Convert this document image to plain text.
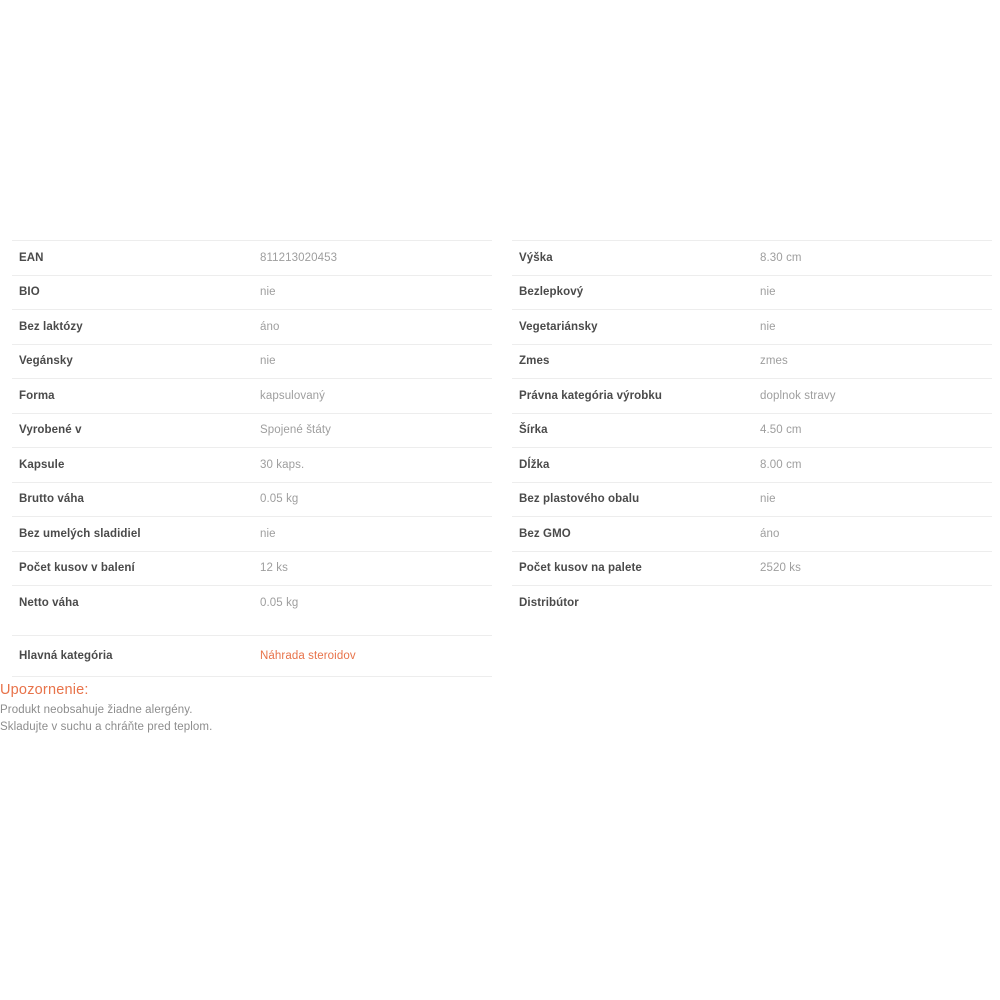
EAN	811213020453
BIO	nie
Bez laktózy	áno
Vegánsky	nie
Forma	kapsulovaný
Vyrobené v	Spojené štáty
Kapsule	30 kaps.
Brutto váha	0.05 kg
Bez umelých sladidiel	nie
Počet kusov v balení	12 ks
Netto váha	0.05 kg
Výška	8.30 cm
Bezlepkový	nie
Vegetariánsky	nie
Zmes	zmes
Právna kategória výrobku	doplnok stravy
Šírka	4.50 cm
Dĺžka	8.00 cm
Bez plastového obalu	nie
Bez GMO	áno
Počet kusov na palete	2520 ks
Distribútor
Hlavná kategória	Náhrada steroidov
Upozornenie:
Produkt neobsahuje žiadne alergény.
Skladujte v suchu a chráňte pred teplom.
